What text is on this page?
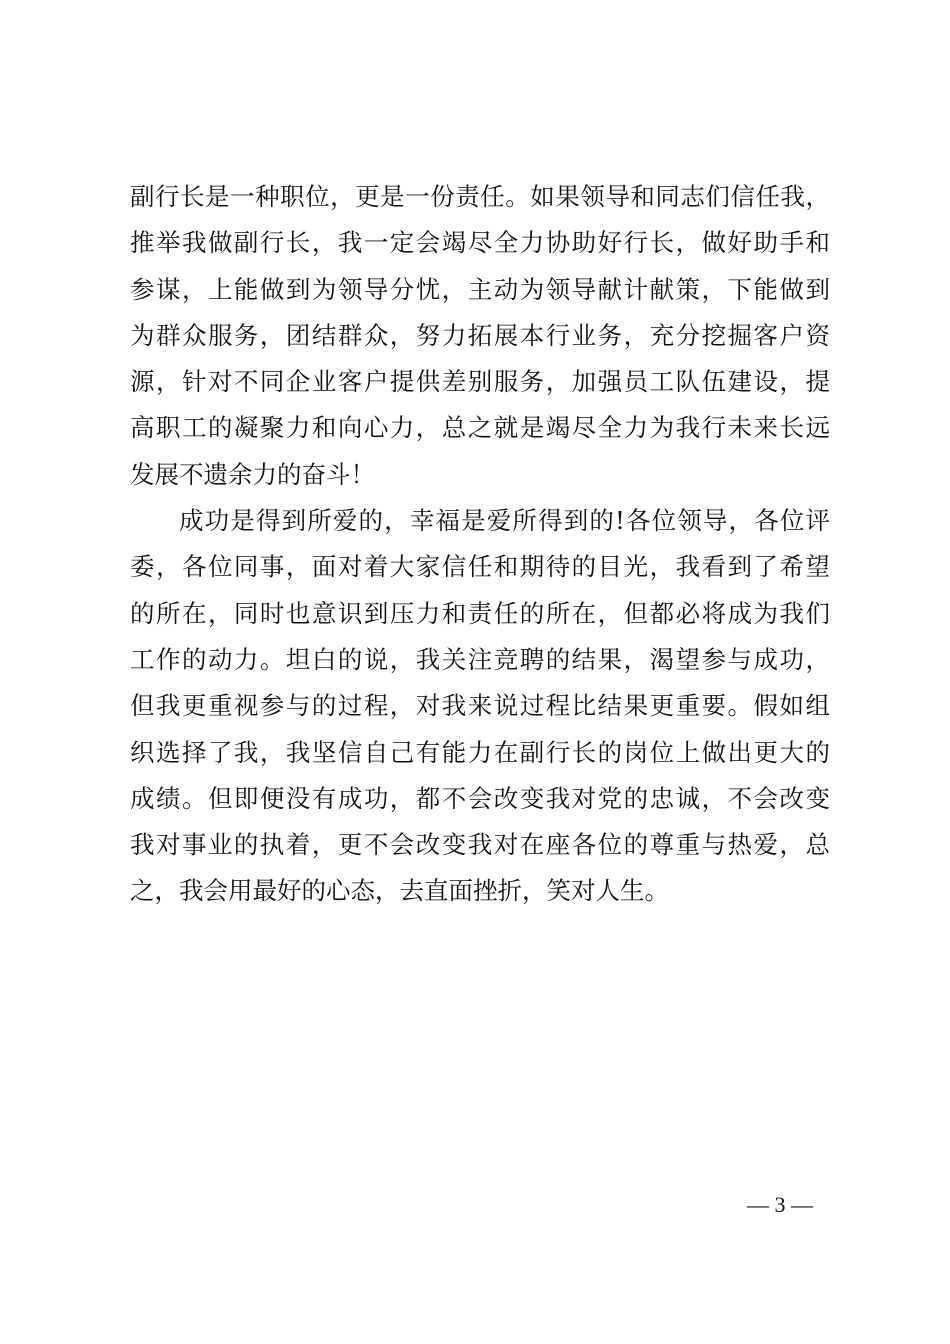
副行长是一种职位，更是一份责任。如果领导和同志们信任我，
推举我做副行长，我一定会竭尽全力协助好行长，做好助手和
参谋，上能做到为领导分忧，主动为领导献计献策，下能做到
为群众服务，团结群众，努力拓展本行业务，充分挖掘客户资
源，针对不同企业客户提供差别服务，加强员工队伍建设，提
高职工的凝聚力和向心力，总之就是竭尽全力为我行未来长远
发展不遗余力的奋斗！
成功是得到所爱的，幸福是爱所得到的!各位领导，各位评
委，各位同事，面对着大家信任和期待的目光，我看到了希望
的所在，同时也意识到压力和责任的所在，但都必将成为我们
工作的动力。坦白的说，我关注竞聘的结果，渴望参与成功，
但我更重视参与的过程，对我来说过程比结果更重要。假如组
织选择了我，我坚信自己有能力在副行长的岗位上做出更大的
成绩。但即便没有成功，都不会改变我对党的忠诚，不会改变
我对事业的执着，更不会改变我对在座各位的尊重与热爱，总
之，我会用最好的心态，去直面挫折，笑对人生。
— 3 —
